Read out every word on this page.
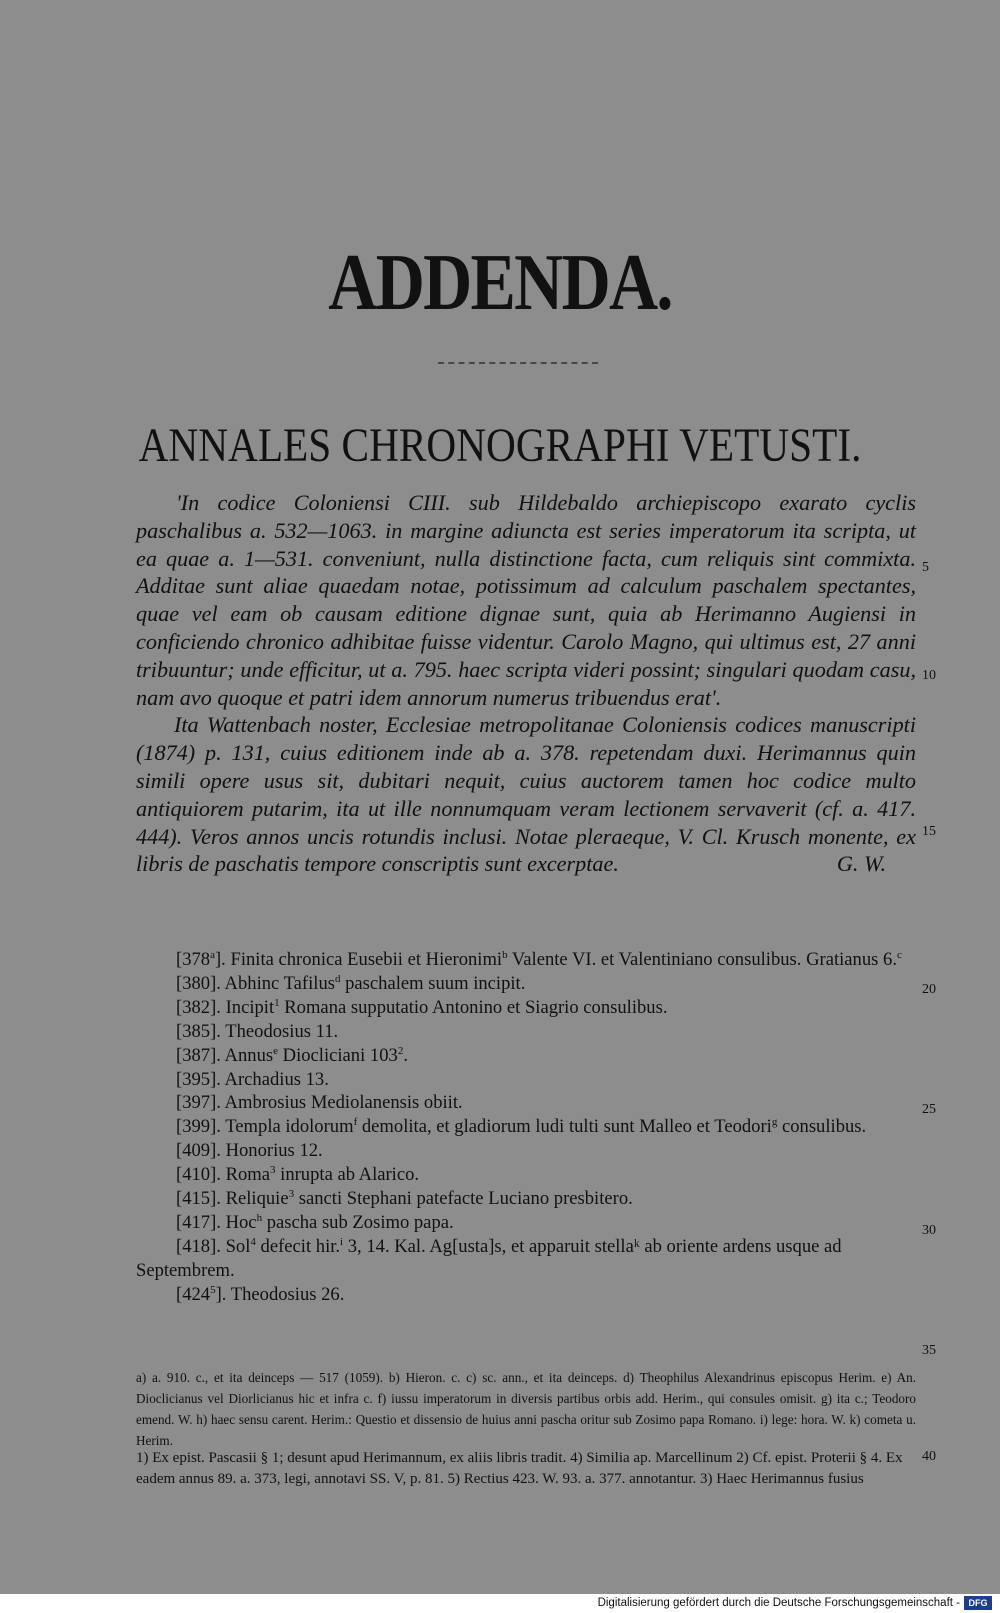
ADDENDA.
ANNALES CHRONOGRAPHI VETUSTI.

'In codice Coloniensi CIII. sub Hildebaldo archiepiscopo exarato cyclis paschalibus a. 532—1063. in margine adiuncta est series imperatorum ita scripta, ut ea quae a. 1—531. conveniunt, nulla distinctione facta, cum reliquis sint commixta. Additae sunt aliae quaedam notae, potissimum ad calculum paschalem spectantes, quae vel eam ob causam editione dignae sunt, quia ab Herimanno Augiensi in conficiendo chronico adhibitae fuisse videntur. Carolo Magno, qui ultimus est, 27 anni tribuuntur; unde efficitur, ut a. 795. haec scripta videri possint; singulari quodam casu, nam avo quoque et patri idem annorum numerus tribuendus erat'.

Ita Wattenbach noster, Ecclesiae metropolitanae Coloniensis codices manuscripti (1874) p. 131, cuius editionem inde ab a. 378. repetendam duxi. Herimannus quin simili opere usus sit, dubitari nequit, cuius auctorem tamen hoc codice multo antiquiorem putarim, ita ut ille nonnumquam veram lectionem servaverit (cf. a. 417. 444). Veros annos uncis rotundis inclusi. Notae pleraeque, V. Cl. Krusch monente, ex libris de paschatis tempore conscriptis sunt excerptae.	G. W.

[378$^a$]. Finita chronica Eusebii et Hieronimi$^b$ Valente VI. et Valentiniano consulibus. Gratianus 6.$^c$

[380]. Abhinc Tafilus$^d$ paschalem suum incipit.

[382]. Incipit$^1$ Romana supputatio Antonino et Siagrio consulibus.

[385]. Theodosius 11.

[387]. Annus$^e$ Diocliciani $103^2$.

[395]. Archadius 13.

[397]. Ambrosius Mediolanensis obiit.

[399]. Templa idolorum$^f$ demolita, et gladiorum ludi tulti sunt Malleo et Teodori$^g$ consulibus.

[409]. Honorius 12.

[410]. Roma$^3$ inrupta ab Alarico.

[415]. Reliquie$^3$ sancti Stephani patefacte Luciano presbitero.

[417]. Hoc$^h$ pascha sub Zosimo papa.

[418]. Sol$^4$ defecit hir.$^i$ 3, 14. Kal. Ag[usta]s, et apparuit stellaᵏ ab oriente ardens usque ad Septembrem.

$[424^5]$. Theodosius 26.

5
10
15
20
25
30
35
40

a) a. 910. c., et ita deinceps — 517 (1059). b) Hieron. c. c) sc. ann., et ita deinceps. d) Theophilus Alexandrinus episcopus Herim. e) An. Dioclicianus vel Diorlicianus hic et infra c. f) iussu imperatorum in diversis partibus orbis add. Herim., qui consules omisit. g) ita c.; Teodoro emend. W. h) haec sensu carent. Herim.: Questio et dissensio de huius anni pascha oritur sub Zosimo papa Romano. i) lege: hora. W. k) cometa u. Herim.

1) Ex epist. Pascasii § 1; desunt apud Herimannum, ex aliis libris tradit. 4) Similia ap. Marcellinum 2) Cf. epist. Proterii § 4. Ex eadem annus 89. a. 373, legi, annotavi SS. V, p. 81. 5) Rectius 423. W. 93. a. 377. annotantur. 3) Haec Herimannus fusius

Digitalisierung gefördert durch die Deutsche Forschungsgemeinschaft - DFG
